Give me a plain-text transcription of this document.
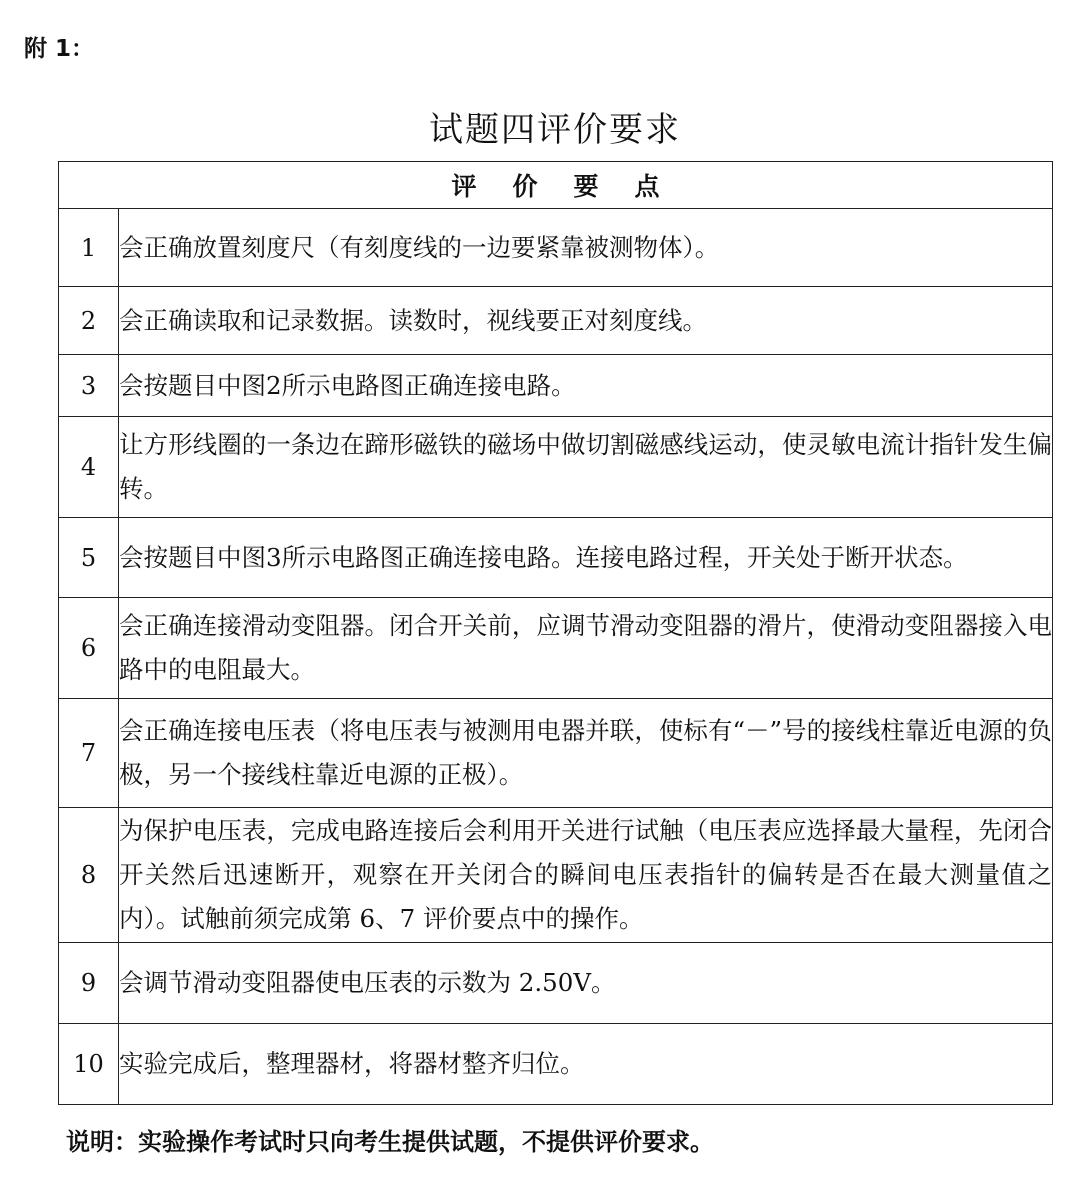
附 1：
试题四评价要求
评价要点	
1	会正确放置刻度尺（有刻度线的一边要紧靠被测物体）。
2	会正确读取和记录数据。读数时，视线要正对刻度线。
3	会按题目中图2所示电路图正确连接电路。
4	让方形线圈的一条边在蹄形磁铁的磁场中做切割磁感线运动，使灵敏电流计指针发生偏转。
5	会按题目中图3所示电路图正确连接电路。连接电路过程，开关处于断开状态。
6	会正确连接滑动变阻器。闭合开关前，应调节滑动变阻器的滑片，使滑动变阻器接入电路中的电阻最大。
7	会正确连接电压表（将电压表与被测用电器并联，使标有“－”号的接线柱靠近电源的负极，另一个接线柱靠近电源的正极）。
8	为保护电压表，完成电路连接后会利用开关进行试触（电压表应选择最大量程，先闭合开关然后迅速断开，观察在开关闭合的瞬间电压表指针的偏转是否在最大测量值之内）。试触前须完成第 6、7 评价要点中的操作。
9	会调节滑动变阻器使电压表的示数为 2.50V。
10	实验完成后，整理器材，将器材整齐归位。
说明：实验操作考试时只向考生提供试题，不提供评价要求。
